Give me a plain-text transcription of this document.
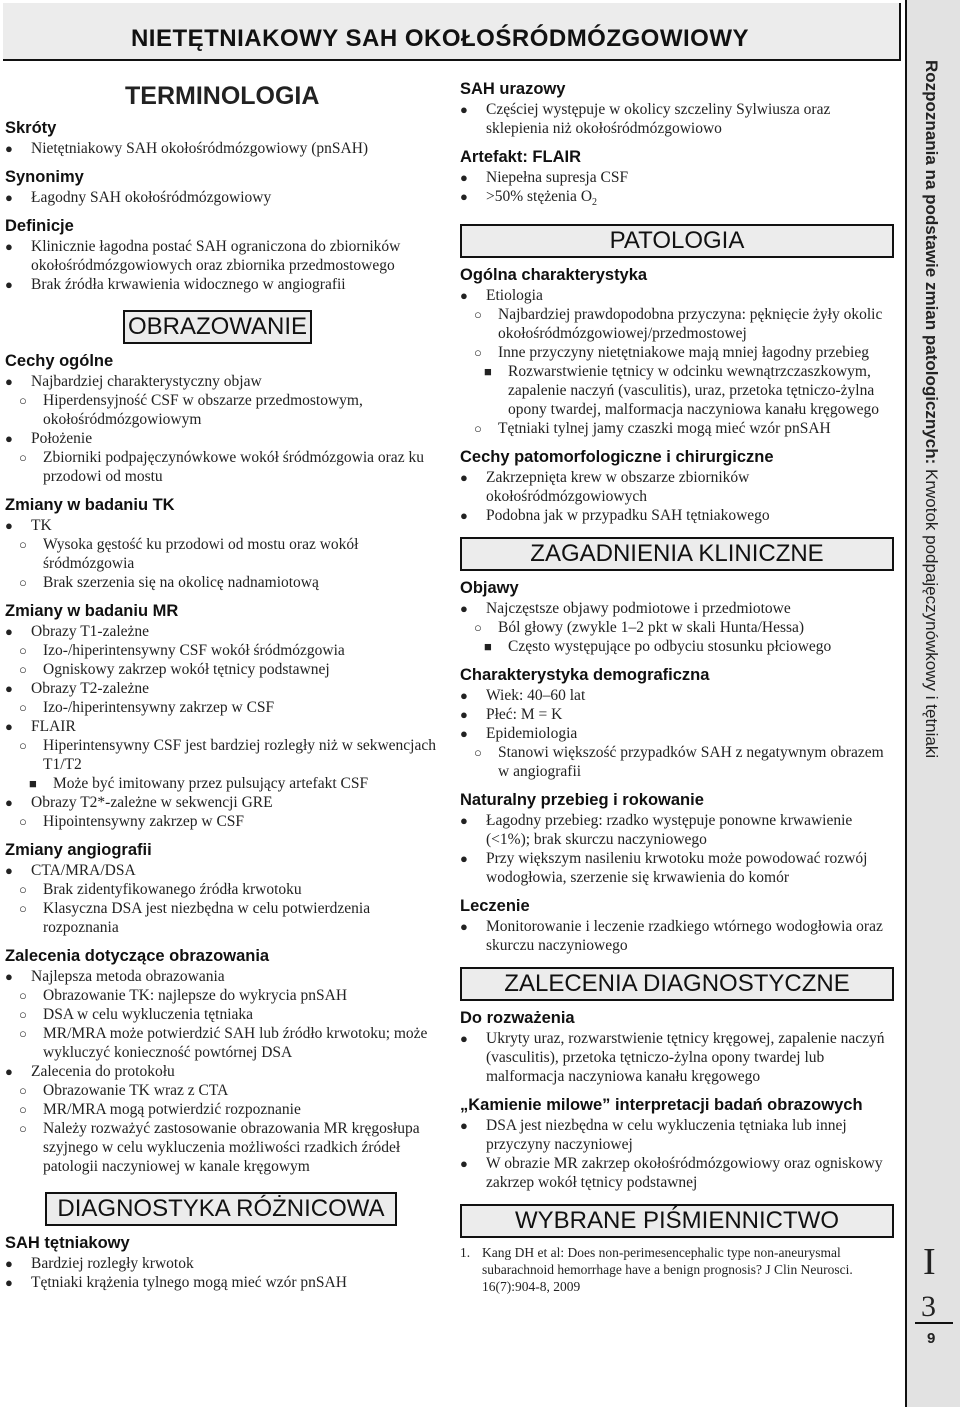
NIETĘTNIAKOWY SAH OKOŁOŚRÓDMÓZGOWIOWY
TERMINOLOGIA

Skróty

● Nietętniakowy SAH okołośródmózgowiowy (pnSAH)

Synonimy

● Łagodny SAH okołośródmózgowiowy

Definicje

● Klinicznie łagodna postać SAH ograniczona do zbiorników okołośródmózgowiowych oraz zbiornika przedmostowego
● Brak źródła krwawienia widocznego w angiografii
OBRAZOWANIE

Cechy ogólne

● Najbardziej charakterystyczny objaw
○ Hiperdensyjność CSF w obszarze przedmostowym, okołośródmózgowiowym
● Położenie
○ Zbiorniki podpajęczynówkowe wokół śródmózgowia oraz ku przodowi od mostu

Zmiany w badaniu TK

● TK
○ Wysoka gęstość ku przodowi od mostu oraz wokół śródmózgowia
○ Brak szerzenia się na okolicę nadnamiotową

Zmiany w badaniu MR

● Obrazy T1-zależne
○ Izo-/hiperintensywny CSF wokół śródmózgowia
○ Ogniskowy zakrzep wokół tętnicy podstawnej
● Obrazy T2-zależne
○ Izo-/hiperintensywny zakrzep w CSF
● FLAIR
○ Hiperintensywny CSF jest bardziej rozległy niż w sekwencjach T1/T2
■ Może być imitowany przez pulsujący artefakt CSF
● Obrazy T2*-zależne w sekwencji GRE
○ Hipointensywny zakrzep w CSF

Zmiany angiografii

● CTA/MRA/DSA
○ Brak zidentyfikowanego źródła krwotoku
○ Klasyczna DSA jest niezbędna w celu potwierdzenia rozpoznania

Zalecenia dotyczące obrazowania

● Najlepsza metoda obrazowania
○ Obrazowanie TK: najlepsze do wykrycia pnSAH
○ DSA w celu wykluczenia tętniaka
○ MR/MRA może potwierdzić SAH lub źródło krwotoku; może wykluczyć konieczność powtórnej DSA
● Zalecenia do protokołu
○ Obrazowanie TK wraz z CTA
○ MR/MRA mogą potwierdzić rozpoznanie
○ Należy rozważyć zastosowanie obrazowania MR kręgosłupa szyjnego w celu wykluczenia możliwości rzadkich źródeł patologii naczyniowej w kanale kręgowym
DIAGNOSTYKA RÓŻNICOWA

SAH tętniakowy

● Bardziej rozległy krwotok
● Tętniaki krążenia tylnego mogą mieć wzór pnSAH

SAH urazowy

● Częściej występuje w okolicy szczeliny Sylwiusza oraz sklepienia niż okołośródmózgowiowo

Artefakt: FLAIR

● Niepełna supresja CSF
● >50% stężenia $O_2$
PATOLOGIA

Ogólna charakterystyka

● Etiologia
○ Najbardziej prawdopodobna przyczyna: pęknięcie żyły okolic okołośródmózgowiowej/przedmostowej
○ Inne przyczyny nietętniakowe mają mniej łagodny przebieg
■ Rozwarstwienie tętnicy w odcinku wewnątrzczaszkowym, zapalenie naczyń (vasculitis), uraz, przetoka tętniczo-żylna opony twardej, malformacja naczyniowa kanału kręgowego
○ Tętniaki tylnej jamy czaszki mogą mieć wzór pnSAH

Cechy patomorfologiczne i chirurgiczne

● Zakrzepnięta krew w obszarze zbiorników okołośródmózgowiowych
● Podobna jak w przypadku SAH tętniakowego
ZAGADNIENIA KLINICZNE

Objawy

● Najczęstsze objawy podmiotowe i przedmiotowe
○ Ból głowy (zwykle 1–2 pkt w skali Hunta/Hessa)
■ Często występujące po odbyciu stosunku płciowego

Charakterystyka demograficzna

● Wiek: 40–60 lat
● Płeć: M = K
● Epidemiologia
○ Stanowi większość przypadków SAH z negatywnym obrazem w angiografii

Naturalny przebieg i rokowanie

● Łagodny przebieg: rzadko występuje ponowne krwawienie (<1%); brak skurczu naczyniowego
● Przy większym nasileniu krwotoku może powodować rozwój wodogłowia, szerzenie się krwawienia do komór

Leczenie

● Monitorowanie i leczenie rzadkiego wtórnego wodogłowia oraz skurczu naczyniowego
ZALECENIA DIAGNOSTYCZNE

Do rozważenia

● Ukryty uraz, rozwarstwienie tętnicy kręgowej, zapalenie naczyń (vasculitis), przetoka tętniczo-żylna opony twardej lub malformacja naczyniowa kanału kręgowego

„Kamienie milowe” interpretacji badań obrazowych

● DSA jest niezbędna w celu wykluczenia tętniaka lub innej przyczyny naczyniowej
● W obrazie MR zakrzep okołośródmózgowiowy oraz ogniskowy zakrzep wokół tętnicy podstawnej
WYBRANE PIŚMIENNICTWO
1. Kang DH et al: Does non-perimesencephalic type non-aneurysmal subarachnoid hemorrhage have a benign prognosis? J Clin Neurosci. 16(7):904-8, 2009
Rozpoznania na podstawie zmian patologicznych: Krwotok podpajęczynówkowy i tętniaki
I
3
9
